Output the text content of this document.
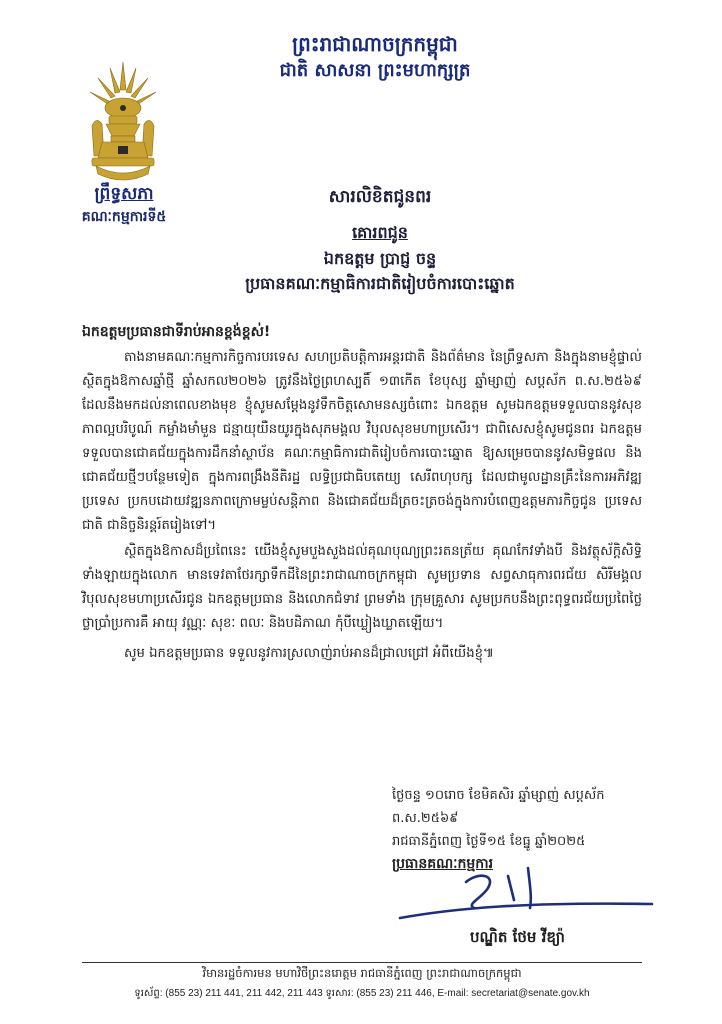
ព្រះរាជាណាចក្រកម្ពុជា
ជាតិ សាសនា ព្រះមហាក្សត្រ
ព្រឹទ្ធសភា
គណៈកម្មការទី៥
សារលិខិតជូនពរ
គោរពជូន
ឯកឧត្តម ប្រាជ្ញ ចន្ទ
ប្រធានគណៈកម្មាធិការជាតិរៀបចំការបោះឆ្នោត
ឯកឧត្តមប្រធានជាទីរាប់អានខ្ពង់ខ្ពស់!

តាងនាមគណៈកម្មការកិច្ចការបរទេស សហប្រតិបត្តិការអន្តរជាតិ និងព័ត៌មាន នៃព្រឹទ្ធសភា និងក្នុងនាមខ្ញុំផ្ទាល់ ស្ថិតក្នុងឱកាសឆ្នាំថ្មី ឆ្នាំសកល២០២៦ ត្រូវនឹងថ្ងៃព្រហស្បតិ៍ ១៣កើត ខែបុស្ស ឆ្នាំម្សាញ់ សប្តស័ក ព.ស.២៥៦៩ ដែលនឹងមកដល់នាពេលខាងមុខ ខ្ញុំសូមសម្តែងនូវទឹកចិត្តសោមនស្សចំពោះ ឯកឧត្តម សូមឯកឧត្តមទទួលបាននូវសុខភាពល្អបរិបូណ៍ កម្លាំងមាំមួន ជន្មាយុយឺនយូរក្នុងសុភមង្គល វិបុលសុខមហាប្រសើរ។ ជាពិសេសខ្ញុំសូមជូនពរ ឯកឧត្តម ទទួលបានជោគជ័យក្នុងការដឹកនាំស្ថាប័ន គណៈកម្មាធិការជាតិរៀបចំការបោះឆ្នោត ឱ្យសម្រេចបាននូវសមិទ្ធផល និងជោគជ័យថ្មីៗបន្ថែមទៀត ក្នុងការពង្រឹងនីតិរដ្ឋ លទ្ធិប្រជាធិបតេយ្យ សេរីពហុបក្ស ដែលជាមូលដ្ឋានគ្រឹះនៃការអភិវឌ្ឍប្រទេស ប្រកបដោយវឌ្ឍនភាពក្រោមម្លប់សន្តិភាព និងជោគជ័យដ៏ត្រចះត្រចង់ក្នុងការបំពេញឧត្តមភារកិច្ចជូន ប្រទេសជាតិ ជានិច្ចនិរន្តរ៍តរៀងទៅ។

ស្ថិតក្នុងឱកាសដ៏ប្រពៃនេះ យើងខ្ញុំសូមបួងសួងដល់គុណបុណ្យព្រះរតនត្រ័យ គុណកែវទាំងបី និងវត្ថុស័ក្តិសិទ្ធិទាំងឡាយក្នុងលោក មានទេវតាថែរក្សាទឹកដីនៃព្រះរាជាណាចក្រកម្ពុជា សូមប្រទាន សព្វសាធុការពរជ័យ សិរីមង្គល វិបុលសុខមហាប្រសើរជូន ឯកឧត្តមប្រធាន និងលោកជំទាវ ព្រមទាំង ក្រុមគ្រួសារ សូមប្រកបនឹងព្រះពុទ្ធពរជ័យប្រពៃថ្លៃថ្លាប្រាំប្រការគឺ អាយុ វណ្ណៈ សុខៈ ពលៈ និងបដិភាណ កុំបីឃ្លៀងឃ្លាតឡើយ។

សូម ឯកឧត្តមប្រធាន ទទួលនូវការស្រលាញ់រាប់អានដ៏ជ្រាលជ្រៅ អំពីយើងខ្ញុំ៕

ថ្ងៃចន្ទ ១០រោច ខែមិគសិរ ឆ្នាំម្សាញ់ សប្តស័ក ព.ស.២៥៦៩
រាជធានីភ្នំពេញ ថ្ងៃទី១៥ ខែធ្នូ ឆ្នាំ២០២៥
ប្រធានគណៈកម្មការ
បណ្ឌិត ថែម វីឌ្យ៉ា
វិមានរដ្ឋចំការមន មហាវិថីព្រះនរោត្តម រាជធានីភ្នំពេញ ព្រះរាជាណាចក្រកម្ពុជា
ទូរស័ព្ទ: (855 23) 211 441, 211 442, 211 443 ទូរសារ: (855 23) 211 446, E-mail: secretariat@senate.gov.kh
